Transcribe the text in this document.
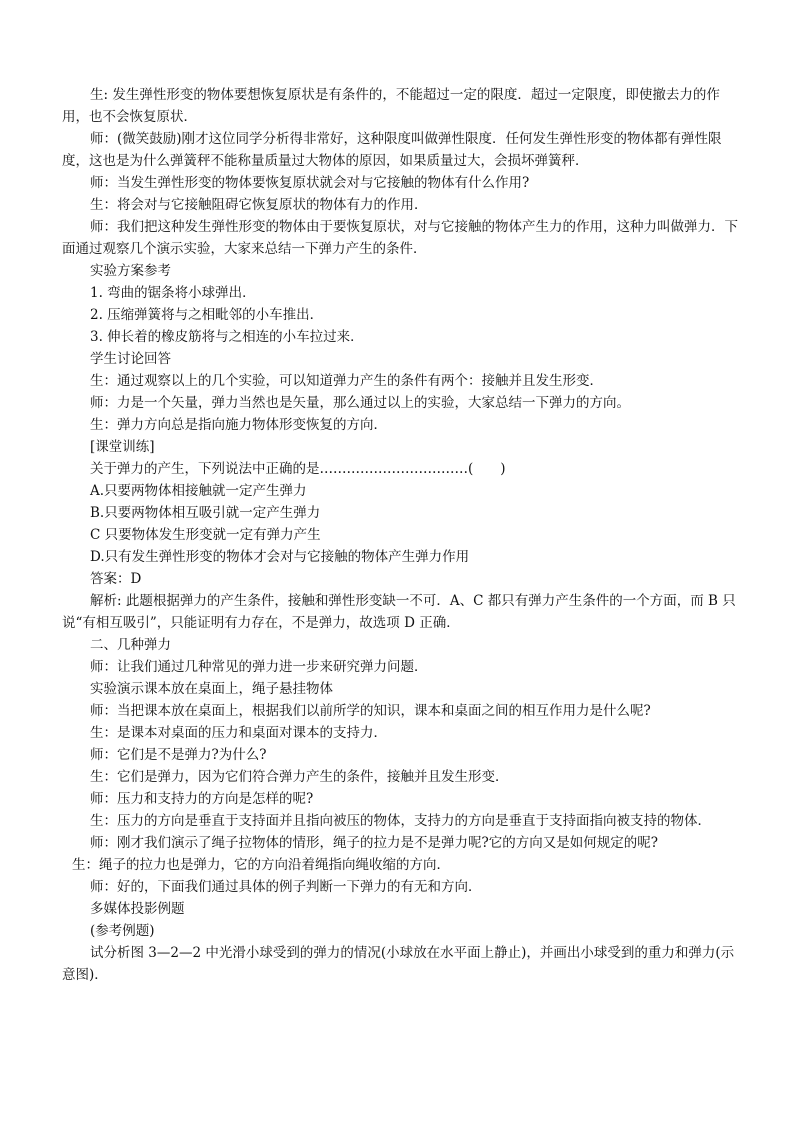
生: 发生弹性形变的物体要想恢复原状是有条件的，不能超过一定的限度．超过一定限度，即使撤去力的作用，也不会恢复原状．

师：(微笑鼓励)刚才这位同学分析得非常好，这种限度叫做弹性限度．任何发生弹性形变的物体都有弹性限度，这也是为什么弹簧秤不能称量质量过大物体的原因，如果质量过大，会损坏弹簧秤．

师：当发生弹性形变的物体要恢复原状就会对与它接触的物体有什么作用?

生：将会对与它接触阻碍它恢复原状的物体有力的作用．

师：我们把这种发生弹性形变的物体由于要恢复原状，对与它接触的物体产生力的作用，这种力叫做弹力．下面通过观察几个演示实验，大家来总结一下弹力产生的条件．

实验方案参考

1. 弯曲的锯条将小球弹出．

2. 压缩弹簧将与之相毗邻的小车推出．

3. 伸长着的橡皮筋将与之相连的小车拉过来．

学生讨论回答

生：通过观察以上的几个实验，可以知道弹力产生的条件有两个：接触并且发生形变．

师：力是一个矢量，弹力当然也是矢量，那么通过以上的实验，大家总结一下弹力的方向。

生：弹力方向总是指向施力物体形变恢复的方向．

[课堂训练]

关于弹力的产生，下列说法中正确的是……………………………(　　)

A.只要两物体相接触就一定产生弹力

B.只要两物体相互吸引就一定产生弹力

C 只要物体发生形变就一定有弹力产生

D.只有发生弹性形变的物体才会对与它接触的物体产生弹力作用

答案：D

解析: 此题根据弹力的产生条件，接触和弹性形变缺一不可．A、C 都只有弹力产生条件的一个方面，而 B 只说“有相互吸引”，只能证明有力存在，不是弹力，故选项 D 正确．

二、几种弹力

师：让我们通过几种常见的弹力进一步来研究弹力问题．

实验演示课本放在桌面上，绳子悬挂物体

师：当把课本放在桌面上，根据我们以前所学的知识，课本和桌面之间的相互作用力是什么呢?

生：是课本对桌面的压力和桌面对课本的支持力．

师：它们是不是弹力?为什么?

生：它们是弹力，因为它们符合弹力产生的条件，接触并且发生形变．

师：压力和支持力的方向是怎样的呢?

生：压力的方向是垂直于支持面并且指向被压的物体，支持力的方向是垂直于支持面指向被支持的物体．

师：刚才我们演示了绳子拉物体的情形，绳子的拉力是不是弹力呢?它的方向又是如何规定的呢?

生：绳子的拉力也是弹力，它的方向沿着绳指向绳收缩的方向．

师：好的，下面我们通过具体的例子判断一下弹力的有无和方向．

多媒体投影例题

(参考例题)

试分析图 3—2—2 中光滑小球受到的弹力的情况(小球放在水平面上静止)，并画出小球受到的重力和弹力(示意图)．
